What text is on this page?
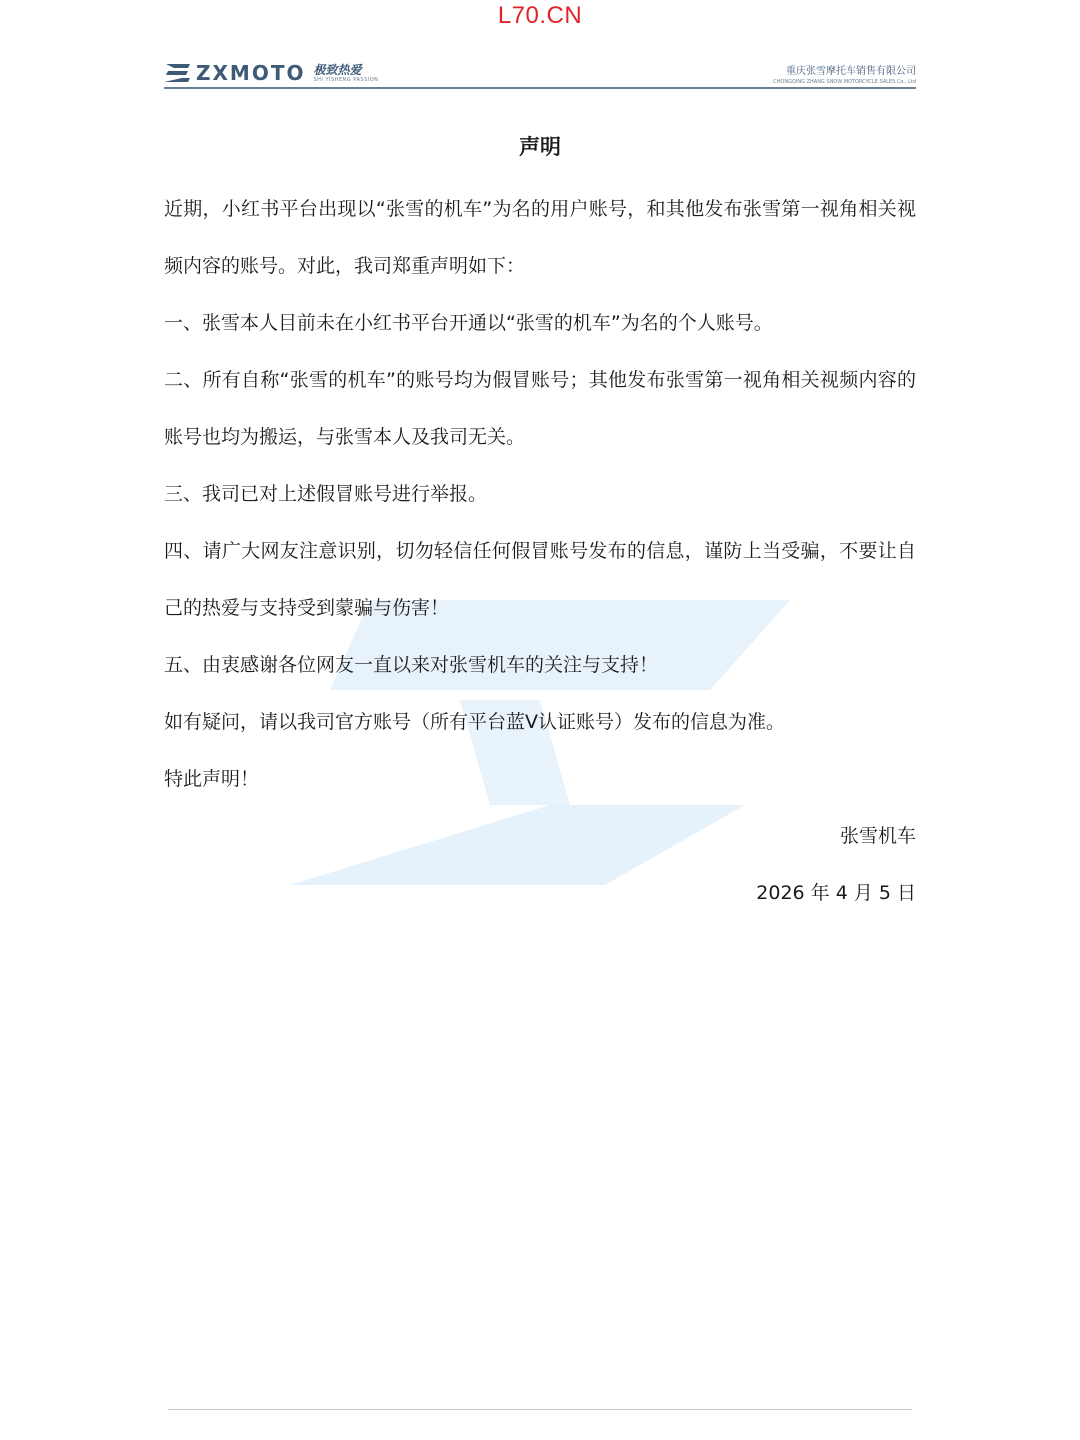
L70.CN
ZXMOTO 极致热爱
SHI YISHENG PASSION
重庆张雪摩托车销售有限公司
CHONGQING ZHANG SNOW MOTORCYCLE SALES Co., Ltd
声明

近期，小红书平台出现以“张雪的机车”为名的用户账号，和其他发布张雪第一视角相关视频内容的账号。对此，我司郑重声明如下：

一、张雪本人目前未在小红书平台开通以“张雪的机车”为名的个人账号。

二、所有自称“张雪的机车”的账号均为假冒账号；其他发布张雪第一视角相关视频内容的账号也均为搬运，与张雪本人及我司无关。

三、我司已对上述假冒账号进行举报。

四、请广大网友注意识别，切勿轻信任何假冒账号发布的信息，谨防上当受骗，不要让自己的热爱与支持受到蒙骗与伤害！

五、由衷感谢各位网友一直以来对张雪机车的关注与支持！

如有疑问，请以我司官方账号（所有平台蓝V认证账号）发布的信息为准。

特此声明！

张雪机车
2026 年 4 月 5 日
